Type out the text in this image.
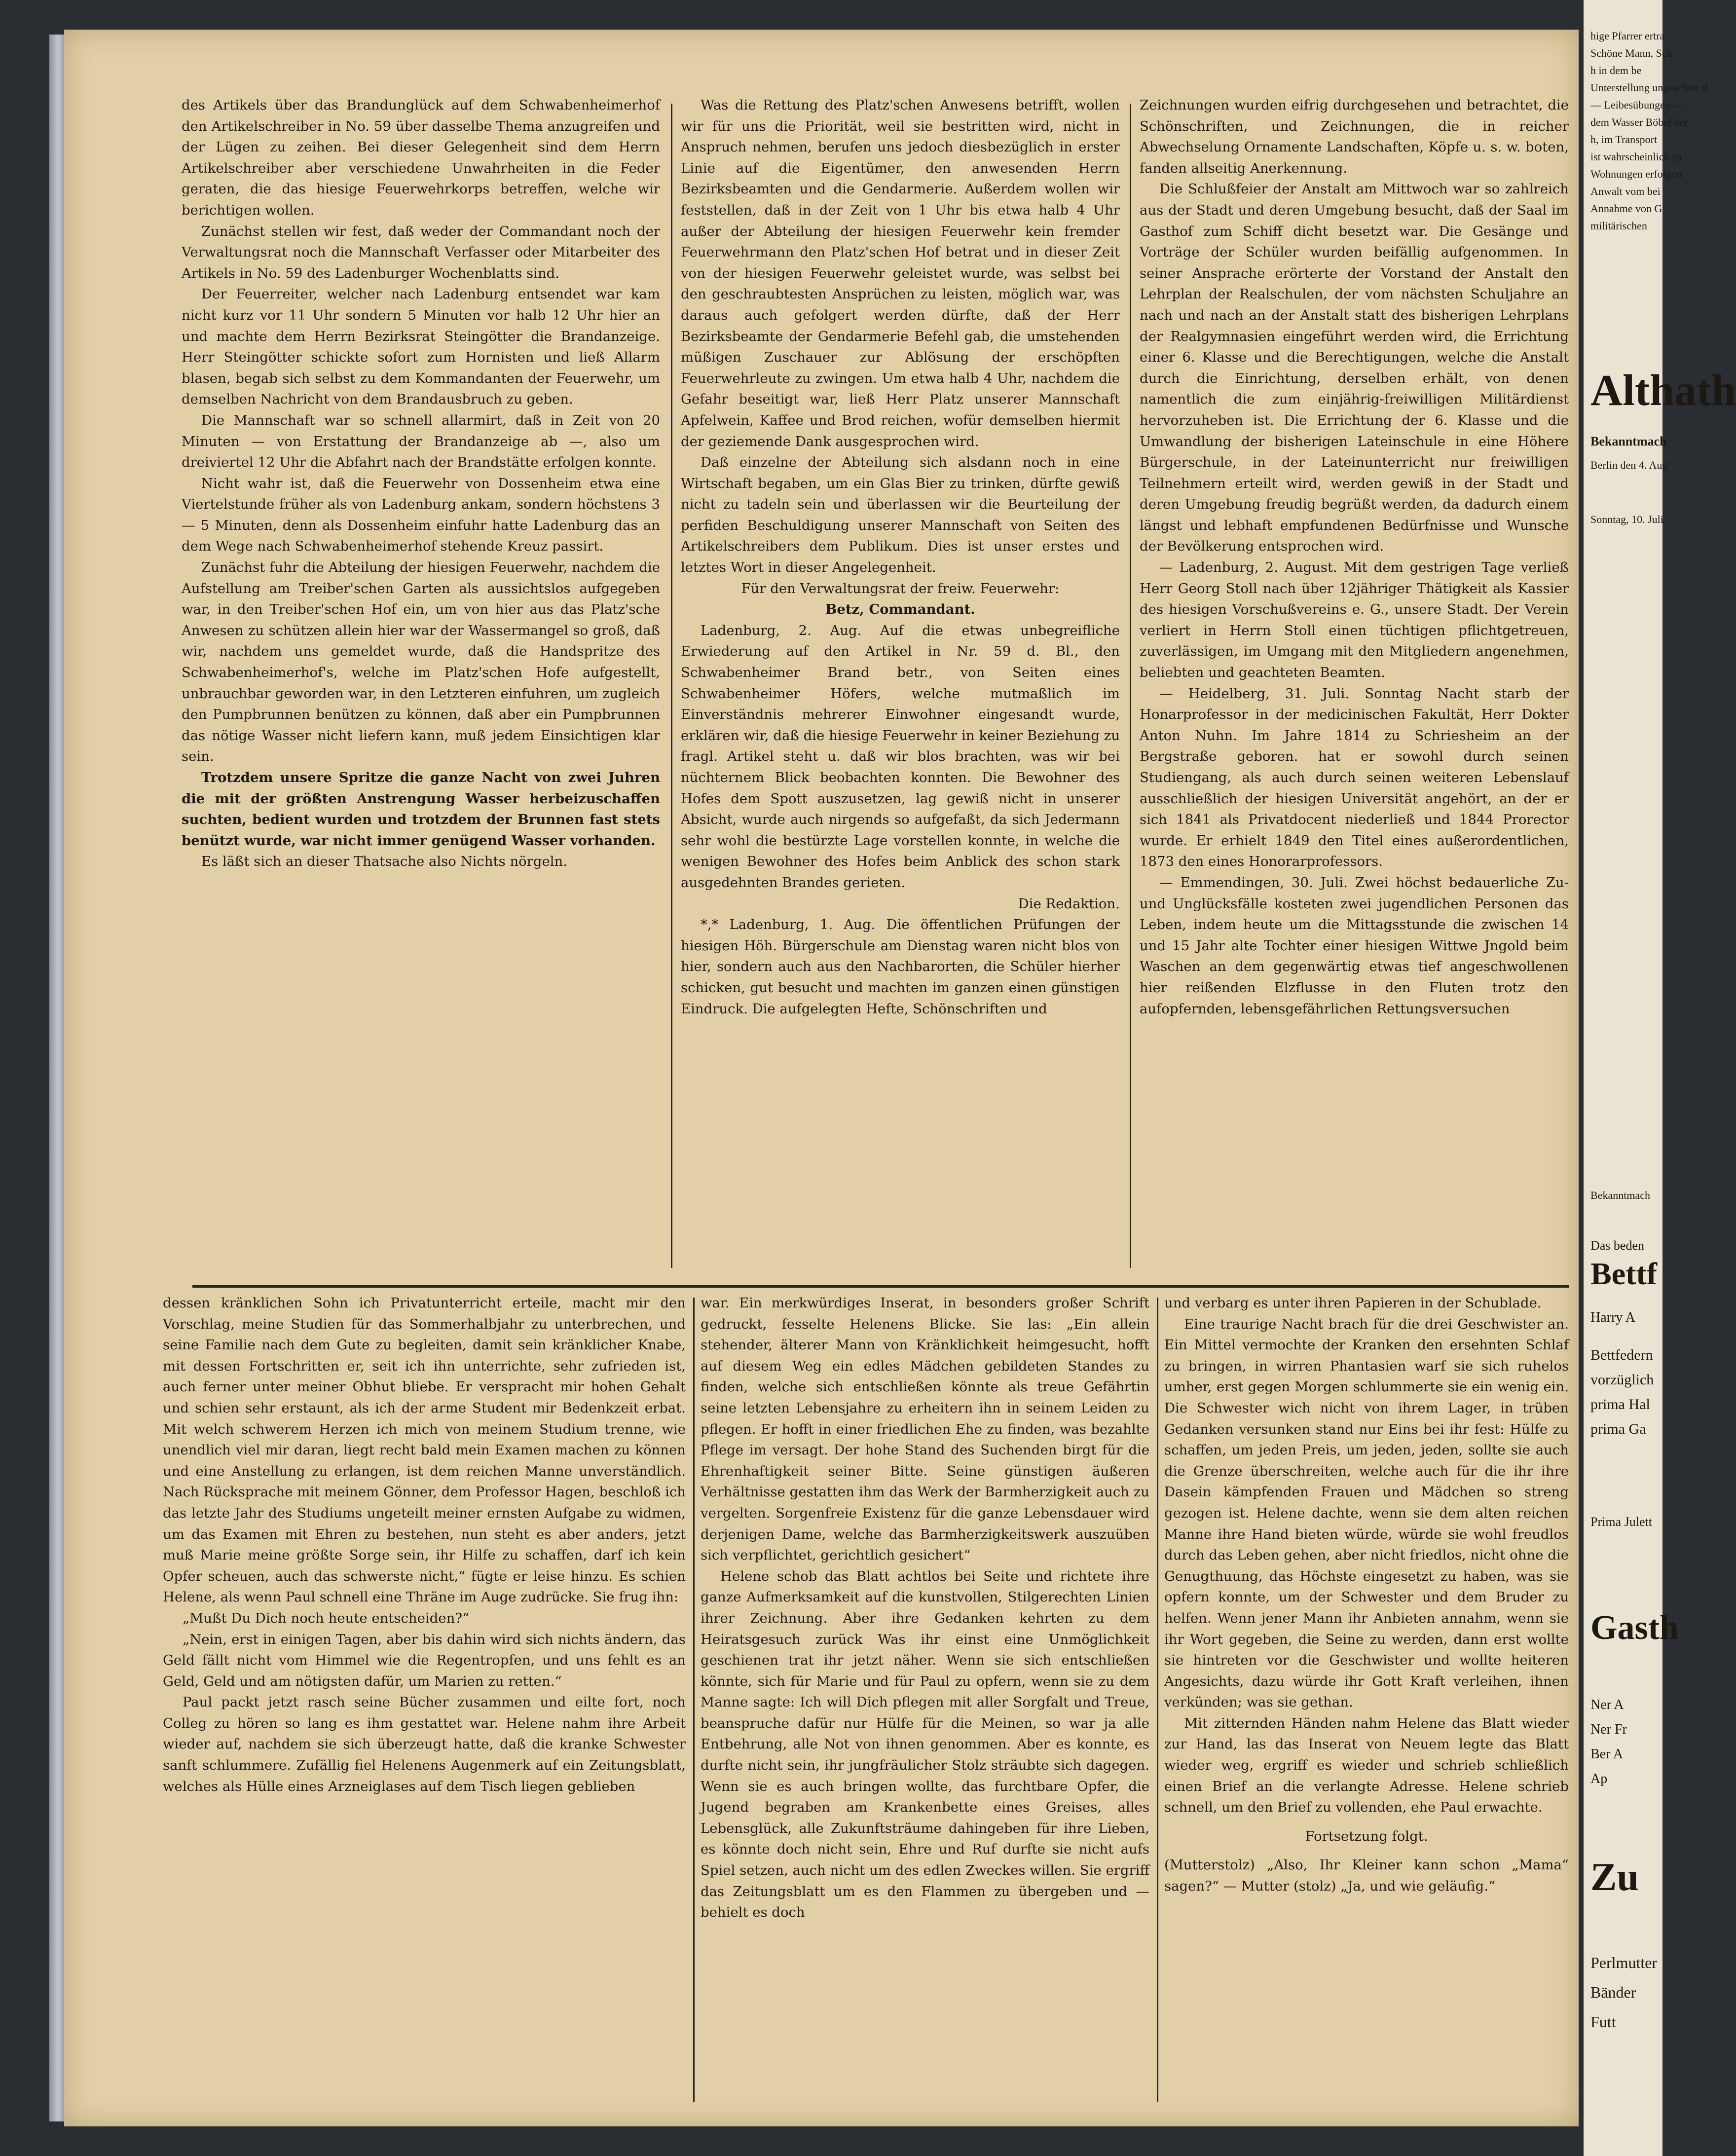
des Artikels über das Brandunglück auf dem Schwabenheimerhof den Artikelschreiber in No. 59 über dasselbe Thema anzugreifen und der Lügen zu zeihen. Bei dieser Gelegenheit sind dem Herrn Artikelschreiber aber verschiedene Unwahrheiten in die Feder geraten, die das hiesige Feuerwehrkorps betreffen, welche wir berichtigen wollen.

Zunächst stellen wir fest, daß weder der Commandant noch der Verwaltungsrat noch die Mannschaft Verfasser oder Mitarbeiter des Artikels in No. 59 des Ladenburger Wochenblatts sind.

Der Feuerreiter, welcher nach Ladenburg entsendet war kam nicht kurz vor 11 Uhr sondern 5 Minuten vor halb 12 Uhr hier an und machte dem Herrn Bezirksrat Steingötter die Brandanzeige. Herr Steingötter schickte sofort zum Hornisten und ließ Allarm blasen, begab sich selbst zu dem Kommandanten der Feuerwehr, um demselben Nachricht von dem Brandausbruch zu geben.

Die Mannschaft war so schnell allarmirt, daß in Zeit von 20 Minuten — von Erstattung der Brandanzeige ab —, also um dreiviertel 12 Uhr die Abfahrt nach der Brandstätte erfolgen konnte.

Nicht wahr ist, daß die Feuerwehr von Dossenheim etwa eine Viertelstunde früher als von Ladenburg ankam, sondern höchstens 3 — 5 Minuten, denn als Dossenheim einfuhr hatte Ladenburg das an dem Wege nach Schwabenheimerhof stehende Kreuz passirt.

Zunächst fuhr die Abteilung der hiesigen Feuerwehr, nachdem die Aufstellung am Treiber'schen Garten als aussichtslos aufgegeben war, in den Treiber'schen Hof ein, um von hier aus das Platz'sche Anwesen zu schützen allein hier war der Wassermangel so groß, daß wir, nachdem uns gemeldet wurde, daß die Handspritze des Schwabenheimerhof's, welche im Platz'schen Hofe aufgestellt, unbrauchbar geworden war, in den Letzteren einfuhren, um zugleich den Pumpbrunnen benützen zu können, daß aber ein Pumpbrunnen das nötige Wasser nicht liefern kann, muß jedem Einsichtigen klar sein.

Trotzdem unsere Spritze die ganze Nacht von zwei Juhren die mit der größten Anstrengung Wasser herbeizuschaffen suchten, bedient wurden und trotzdem der Brunnen fast stets benützt wurde, war nicht immer genügend Wasser vorhanden.

Es läßt sich an dieser Thatsache also Nichts nörgeln.

Was die Rettung des Platz'schen Anwesens betrifft, wollen wir für uns die Priorität, weil sie bestritten wird, nicht in Anspruch nehmen, berufen uns jedoch diesbezüglich in erster Linie auf die Eigentümer, den anwesenden Herrn Bezirksbeamten und die Gendarmerie. Außerdem wollen wir feststellen, daß in der Zeit von 1 Uhr bis etwa halb 4 Uhr außer der Abteilung der hiesigen Feuerwehr kein fremder Feuerwehrmann den Platz'schen Hof betrat und in dieser Zeit von der hiesigen Feuerwehr geleistet wurde, was selbst bei den geschraubtesten Ansprüchen zu leisten, möglich war, was daraus auch gefolgert werden dürfte, daß der Herr Bezirksbeamte der Gendarmerie Befehl gab, die umstehenden müßigen Zuschauer zur Ablösung der erschöpften Feuerwehrleute zu zwingen. Um etwa halb 4 Uhr, nachdem die Gefahr beseitigt war, ließ Herr Platz unserer Mannschaft Apfelwein, Kaffee und Brod reichen, wofür demselben hiermit der geziemende Dank ausgesprochen wird.

Daß einzelne der Abteilung sich alsdann noch in eine Wirtschaft begaben, um ein Glas Bier zu trinken, dürfte gewiß nicht zu tadeln sein und überlassen wir die Beurteilung der perfiden Beschuldigung unserer Mannschaft von Seiten des Artikelschreibers dem Publikum. Dies ist unser erstes und letztes Wort in dieser Angelegenheit.

Für den Verwaltungsrat der freiw. Feuerwehr:

Betz, Commandant.

Ladenburg, 2. Aug. Auf die etwas unbegreifliche Erwiederung auf den Artikel in Nr. 59 d. Bl., den Schwabenheimer Brand betr., von Seiten eines Schwabenheimer Höfers, welche mutmaßlich im Einverständnis mehrerer Einwohner eingesandt wurde, erklären wir, daß die hiesige Feuerwehr in keiner Beziehung zu fragl. Artikel steht u. daß wir blos brachten, was wir bei nüchternem Blick beobachten konnten. Die Bewohner des Hofes dem Spott auszusetzen, lag gewiß nicht in unserer Absicht, wurde auch nirgends so aufgefaßt, da sich Jedermann sehr wohl die bestürzte Lage vorstellen konnte, in welche die wenigen Bewohner des Hofes beim Anblick des schon stark ausgedehnten Brandes gerieten.

Die Redaktion.

*,* Ladenburg, 1. Aug. Die öffentlichen Prüfungen der hiesigen Höh. Bürgerschule am Dienstag waren nicht blos von hier, sondern auch aus den Nachbarorten, die Schüler hierher schicken, gut besucht und machten im ganzen einen günstigen Eindruck. Die aufgelegten Hefte, Schönschriften und

Zeichnungen wurden eifrig durchgesehen und betrachtet, die Schönschriften, und Zeichnungen, die in reicher Abwechselung Ornamente Landschaften, Köpfe u. s. w. boten, fanden allseitig Anerkennung.

Die Schlußfeier der Anstalt am Mittwoch war so zahlreich aus der Stadt und deren Umgebung besucht, daß der Saal im Gasthof zum Schiff dicht besetzt war. Die Gesänge und Vorträge der Schüler wurden beifällig aufgenommen. In seiner Ansprache erörterte der Vorstand der Anstalt den Lehrplan der Realschulen, der vom nächsten Schuljahre an nach und nach an der Anstalt statt des bisherigen Lehrplans der Realgymnasien eingeführt werden wird, die Errichtung einer 6. Klasse und die Berechtigungen, welche die Anstalt durch die Einrichtung, derselben erhält, von denen namentlich die zum einjährig-freiwilligen Militärdienst hervorzuheben ist. Die Errichtung der 6. Klasse und die Umwandlung der bisherigen Lateinschule in eine Höhere Bürgerschule, in der Lateinunterricht nur freiwilligen Teilnehmern erteilt wird, werden gewiß in der Stadt und deren Umgebung freudig begrüßt werden, da dadurch einem längst und lebhaft empfundenen Bedürfnisse und Wunsche der Bevölkerung entsprochen wird.

— Ladenburg, 2. August. Mit dem gestrigen Tage verließ Herr Georg Stoll nach über 12jähriger Thätigkeit als Kassier des hiesigen Vorschußvereins e. G., unsere Stadt. Der Verein verliert in Herrn Stoll einen tüchtigen pflichtgetreuen, zuverlässigen, im Umgang mit den Mitgliedern angenehmen, beliebten und geachteten Beamten.

— Heidelberg, 31. Juli. Sonntag Nacht starb der Honarprofessor in der medicinischen Fakultät, Herr Dokter Anton Nuhn. Im Jahre 1814 zu Schriesheim an der Bergstraße geboren. hat er sowohl durch seinen Studiengang, als auch durch seinen weiteren Lebenslauf ausschließlich der hiesigen Universität angehört, an der er sich 1841 als Privatdocent niederließ und 1844 Prorector wurde. Er erhielt 1849 den Titel eines außerordentlichen, 1873 den eines Honorarprofessors.

— Emmendingen, 30. Juli. Zwei höchst bedauerliche Zu- und Unglücksfälle kosteten zwei jugendlichen Personen das Leben, indem heute um die Mittagsstunde die zwischen 14 und 15 Jahr alte Tochter einer hiesigen Wittwe Jngold beim Waschen an dem gegenwärtig etwas tief angeschwollenen hier reißenden Elzflusse in den Fluten trotz den aufopfernden, lebensgefährlichen Rettungsversuchen

dessen kränklichen Sohn ich Privatunterricht erteile, macht mir den Vorschlag, meine Studien für das Sommerhalbjahr zu unterbrechen, und seine Familie nach dem Gute zu begleiten, damit sein kränklicher Knabe, mit dessen Fortschritten er, seit ich ihn unterrichte, sehr zufrieden ist, auch ferner unter meiner Obhut bliebe. Er verspracht mir hohen Gehalt und schien sehr erstaunt, als ich der arme Student mir Bedenkzeit erbat. Mit welch schwerem Herzen ich mich von meinem Studium trenne, wie unendlich viel mir daran, liegt recht bald mein Examen machen zu können und eine Anstellung zu erlangen, ist dem reichen Manne unverständlich. Nach Rücksprache mit meinem Gönner, dem Professor Hagen, beschloß ich das letzte Jahr des Studiums ungeteilt meiner ernsten Aufgabe zu widmen, um das Examen mit Ehren zu bestehen, nun steht es aber anders, jetzt muß Marie meine größte Sorge sein, ihr Hilfe zu schaffen, darf ich kein Opfer scheuen, auch das schwerste nicht,“ fügte er leise hinzu. Es schien Helene, als wenn Paul schnell eine Thräne im Auge zudrücke. Sie frug ihn:

„Mußt Du Dich noch heute entscheiden?“

„Nein, erst in einigen Tagen, aber bis dahin wird sich nichts ändern, das Geld fällt nicht vom Himmel wie die Regentropfen, und uns fehlt es an Geld, Geld und am nötigsten dafür, um Marien zu retten.“

Paul packt jetzt rasch seine Bücher zusammen und eilte fort, noch Colleg zu hören so lang es ihm gestattet war. Helene nahm ihre Arbeit wieder auf, nachdem sie sich überzeugt hatte, daß die kranke Schwester sanft schlummere. Zufällig fiel Helenens Augenmerk auf ein Zeitungsblatt, welches als Hülle eines Arzneiglases auf dem Tisch liegen geblieben

war. Ein merkwürdiges Inserat, in besonders großer Schrift gedruckt, fesselte Helenens Blicke. Sie las: „Ein allein stehender, älterer Mann von Kränklichkeit heimgesucht, hofft auf diesem Weg ein edles Mädchen gebildeten Standes zu finden, welche sich entschließen könnte als treue Gefährtin seine letzten Lebensjahre zu erheitern ihn in seinem Leiden zu pflegen. Er hofft in einer friedlichen Ehe zu finden, was bezahlte Pflege im versagt. Der hohe Stand des Suchenden birgt für die Ehrenhaftigkeit seiner Bitte. Seine günstigen äußeren Verhältnisse gestatten ihm das Werk der Barmherzigkeit auch zu vergelten. Sorgenfreie Existenz für die ganze Lebensdauer wird derjenigen Dame, welche das Barmherzigkeitswerk auszuüben sich verpflichtet, gerichtlich gesichert“

Helene schob das Blatt achtlos bei Seite und richtete ihre ganze Aufmerksamkeit auf die kunstvollen, Stilgerechten Linien ihrer Zeichnung. Aber ihre Gedanken kehrten zu dem Heiratsgesuch zurück Was ihr einst eine Unmöglichkeit geschienen trat ihr jetzt näher. Wenn sie sich entschließen könnte, sich für Marie und für Paul zu opfern, wenn sie zu dem Manne sagte: Ich will Dich pflegen mit aller Sorgfalt und Treue, beanspruche dafür nur Hülfe für die Meinen, so war ja alle Entbehrung, alle Not von ihnen genommen. Aber es konnte, es durfte nicht sein, ihr jungfräulicher Stolz sträubte sich dagegen. Wenn sie es auch bringen wollte, das furchtbare Opfer, die Jugend begraben am Krankenbette eines Greises, alles Lebensglück, alle Zukunftsträume dahingeben für ihre Lieben, es könnte doch nicht sein, Ehre und Ruf durfte sie nicht aufs Spiel setzen, auch nicht um des edlen Zweckes willen. Sie ergriff das Zeitungsblatt um es den Flammen zu übergeben und — behielt es doch

und verbarg es unter ihren Papieren in der Schublade.

Eine traurige Nacht brach für die drei Geschwister an. Ein Mittel vermochte der Kranken den ersehnten Schlaf zu bringen, in wirren Phantasien warf sie sich ruhelos umher, erst gegen Morgen schlummerte sie ein wenig ein. Die Schwester wich nicht von ihrem Lager, in trüben Gedanken versunken stand nur Eins bei ihr fest: Hülfe zu schaffen, um jeden Preis, um jeden, jeden, sollte sie auch die Grenze überschreiten, welche auch für die ihr ihre Dasein kämpfenden Frauen und Mädchen so streng gezogen ist. Helene dachte, wenn sie dem alten reichen Manne ihre Hand bieten würde, würde sie wohl freudlos durch das Leben gehen, aber nicht friedlos, nicht ohne die Genugthuung, das Höchste eingesetzt zu haben, was sie opfern konnte, um der Schwester und dem Bruder zu helfen. Wenn jener Mann ihr Anbieten annahm, wenn sie ihr Wort gegeben, die Seine zu werden, dann erst wollte sie hintreten vor die Geschwister und wollte heiteren Angesichts, dazu würde ihr Gott Kraft verleihen, ihnen verkünden; was sie gethan.

Mit zitternden Händen nahm Helene das Blatt wieder zur Hand, las das Inserat von Neuem legte das Blatt wieder weg, ergriff es wieder und schrieb schließlich einen Brief an die verlangte Adresse. Helene schrieb schnell, um den Brief zu vollenden, ehe Paul erwachte.

Fortsetzung folgt.

(Mutterstolz) „Also, Ihr Kleiner kann schon „Mama“ sagen?“ — Mutter (stolz) „Ja, und wie geläufig.“

hige Pfarrer ertra
Schöne Mann, Sch
h in dem be
Unterstellung ungeachtet d
— Leibesübungen —
dem Wasser Böbel ber
h, im Transport
ist wahrscheinlich sp
Wohnungen erfolgen
Anwalt vom bei
Annahme von G
militärischen
Althath
Bekanntmach
Berlin den 4. Aug
Sonntag, 10. Juli
Bekanntmach
Das beden
Bettf
Harry A
Bettfedern
vorzüglich
prima Hal
prima Ga
Prima Julett
Gasth
Ner A
Ner Fr
Ber A
Ap
Zu
Perlmutter
Bänder
Futt
